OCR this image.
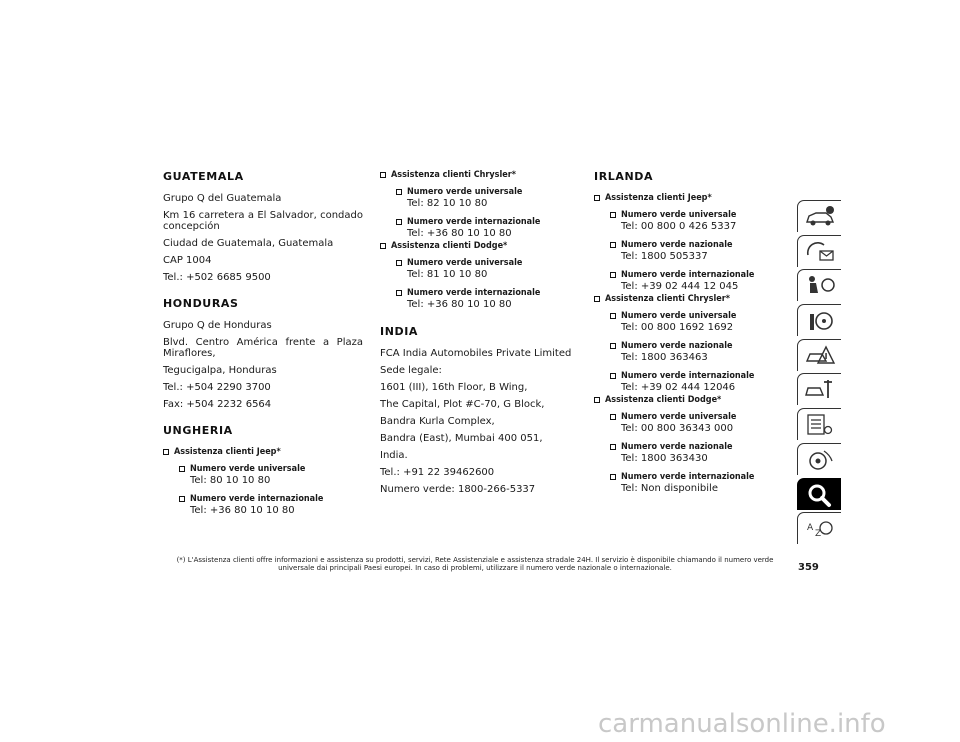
GUATEMALA
Grupo Q del Guatemala
Km 16 carretera a El Salvador, condado concepción
Ciudad de Guatemala, Guatemala
CAP 1004
Tel.: +502 6685 9500
HONDURAS
Grupo Q de Honduras
Blvd. Centro América frente a Plaza Miraflores,
Tegucigalpa, Honduras
Tel.: +504 2290 3700
Fax: +504 2232 6564
UNGHERIA
Assistenza clienti Jeep*
Numero verde universale
Tel: 80 10 10 80
Numero verde internazionale
Tel: +36 80 10 10 80
Assistenza clienti Chrysler*
Numero verde universale
Tel: 82 10 10 80
Numero verde internazionale
Tel: +36 80 10 10 80
Assistenza clienti Dodge*
Numero verde universale
Tel: 81 10 10 80
Numero verde internazionale
Tel: +36 80 10 10 80
INDIA
FCA India Automobiles Private Limited
Sede legale:
1601 (III), 16th Floor, B Wing,
The Capital, Plot #C-70, G Block,
Bandra Kurla Complex,
Bandra (East), Mumbai 400 051,
India.
Tel.: +91 22 39462600
Numero verde: 1800-266-5337
IRLANDA
Assistenza clienti Jeep*
Numero verde universale
Tel: 00 800 0 426 5337
Numero verde nazionale
Tel: 1800 505337
Numero verde internazionale
Tel: +39 02 444 12 045
Assistenza clienti Chrysler*
Numero verde universale
Tel: 00 800 1692 1692
Numero verde nazionale
Tel: 1800 363463
Numero verde internazionale
Tel: +39 02 444 12046
Assistenza clienti Dodge*
Numero verde universale
Tel: 00 800 36343 000
Numero verde nazionale
Tel: 1800 363430
Numero verde internazionale
Tel: Non disponibile
A
Z
(*) L'Assistenza clienti offre informazioni e assistenza su prodotti, servizi, Rete Assistenziale e assistenza stradale 24H. Il servizio è disponibile chiamando il numero verde
universale dai principali Paesi europei. In caso di problemi, utilizzare il numero verde nazionale o internazionale.	359
carmanualsonline.info
